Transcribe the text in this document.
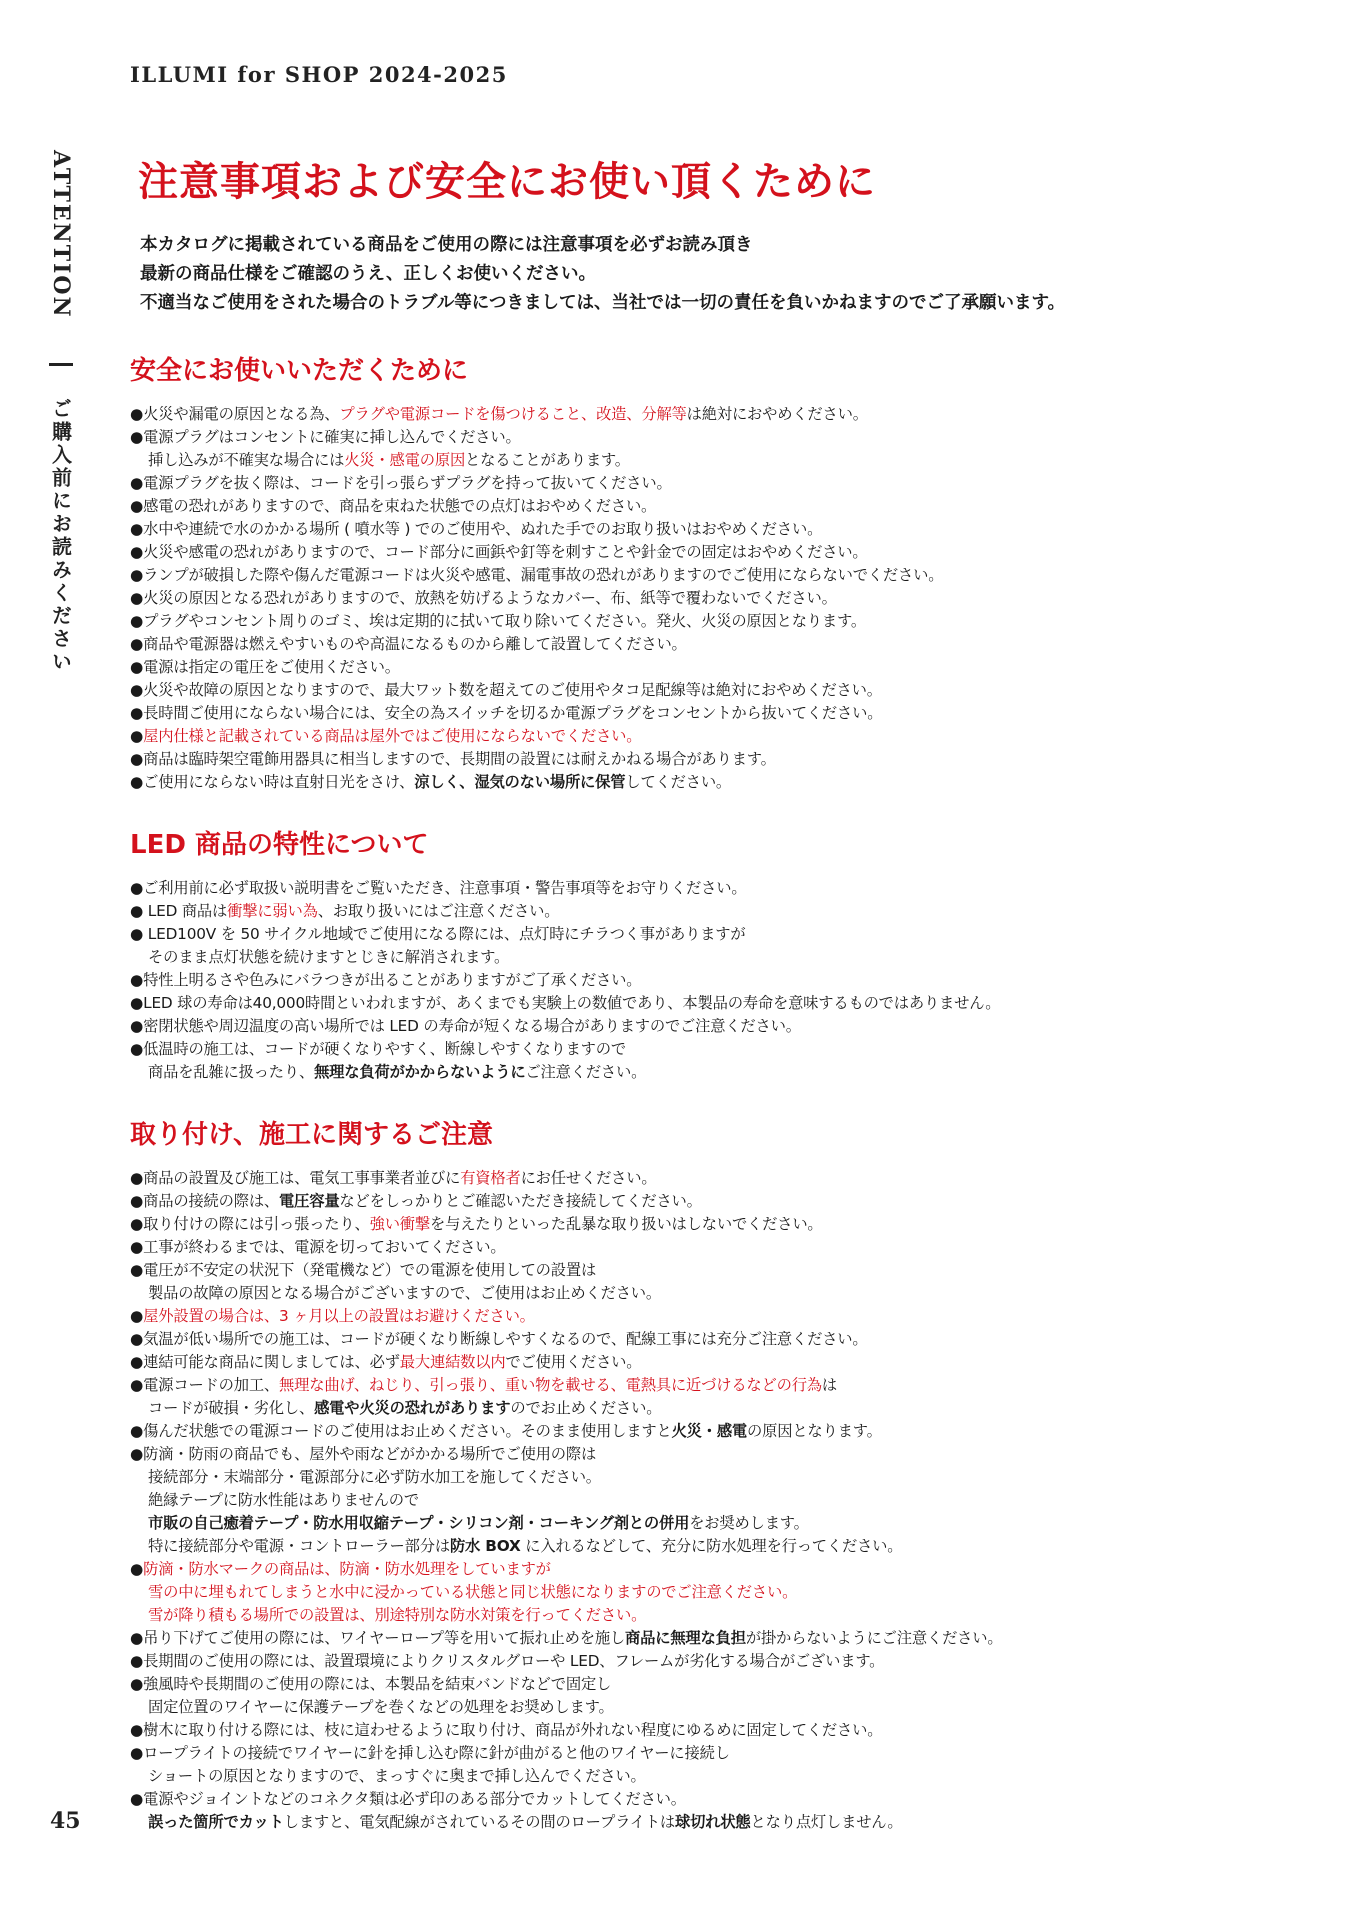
ILLUMI for SHOP 2024-2025
ATTENTION
ご購入前にお読みください
45
注意事項および安全にお使い頂くために
本カタログに掲載されている商品をご使用の際には注意事項を必ずお読み頂き
最新の商品仕様をご確認のうえ、正しくお使いください。
不適当なご使用をされた場合のトラブル等につきましては、当社では一切の責任を負いかねますのでご了承願います。
安全にお使いいただくために
●火災や漏電の原因となる為、プラグや電源コードを傷つけること、改造、分解等は絶対におやめください。
●電源プラグはコンセントに確実に挿し込んでください。
挿し込みが不確実な場合には火災・感電の原因となることがあります。
●電源プラグを抜く際は、コードを引っ張らずプラグを持って抜いてください。
●感電の恐れがありますので、商品を束ねた状態での点灯はおやめください。
●水中や連続で水のかかる場所 ( 噴水等 ) でのご使用や、ぬれた手でのお取り扱いはおやめください。
●火災や感電の恐れがありますので、コード部分に画鋲や釘等を刺すことや針金での固定はおやめください。
●ランプが破損した際や傷んだ電源コードは火災や感電、漏電事故の恐れがありますのでご使用にならないでください。
●火災の原因となる恐れがありますので、放熱を妨げるようなカバー、布、紙等で覆わないでください。
●プラグやコンセント周りのゴミ、埃は定期的に拭いて取り除いてください。発火、火災の原因となります。
●商品や電源器は燃えやすいものや高温になるものから離して設置してください。
●電源は指定の電圧をご使用ください。
●火災や故障の原因となりますので、最大ワット数を超えてのご使用やタコ足配線等は絶対におやめください。
●長時間ご使用にならない場合には、安全の為スイッチを切るか電源プラグをコンセントから抜いてください。
●屋内仕様と記載されている商品は屋外ではご使用にならないでください。
●商品は臨時架空電飾用器具に相当しますので、長期間の設置には耐えかねる場合があります。
●ご使用にならない時は直射日光をさけ、涼しく、湿気のない場所に保管してください。
LED 商品の特性について
●ご利用前に必ず取扱い説明書をご覧いただき、注意事項・警告事項等をお守りください。
● LED 商品は衝撃に弱い為、お取り扱いにはご注意ください。
● LED100V を 50 サイクル地域でご使用になる際には、点灯時にチラつく事がありますが
そのまま点灯状態を続けますとじきに解消されます。
●特性上明るさや色みにバラつきが出ることがありますがご了承ください。
●LED 球の寿命は40,000時間といわれますが、あくまでも実験上の数値であり、本製品の寿命を意味するものではありません。
●密閉状態や周辺温度の高い場所では LED の寿命が短くなる場合がありますのでご注意ください。
●低温時の施工は、コードが硬くなりやすく、断線しやすくなりますので
商品を乱雑に扱ったり、無理な負荷がかからないようにご注意ください。
取り付け、施工に関するご注意
●商品の設置及び施工は、電気工事事業者並びに有資格者にお任せください。
●商品の接続の際は、電圧容量などをしっかりとご確認いただき接続してください。
●取り付けの際には引っ張ったり、強い衝撃を与えたりといった乱暴な取り扱いはしないでください。
●工事が終わるまでは、電源を切っておいてください。
●電圧が不安定の状況下（発電機など）での電源を使用しての設置は
製品の故障の原因となる場合がございますので、ご使用はお止めください。
●屋外設置の場合は、3 ヶ月以上の設置はお避けください。
●気温が低い場所での施工は、コードが硬くなり断線しやすくなるので、配線工事には充分ご注意ください。
●連結可能な商品に関しましては、必ず最大連結数以内でご使用ください。
●電源コードの加工、無理な曲げ、ねじり、引っ張り、重い物を載せる、電熱具に近づけるなどの行為は
コードが破損・劣化し、感電や火災の恐れがありますのでお止めください。
●傷んだ状態での電源コードのご使用はお止めください。そのまま使用しますと火災・感電の原因となります。
●防滴・防雨の商品でも、屋外や雨などがかかる場所でご使用の際は
接続部分・末端部分・電源部分に必ず防水加工を施してください。
絶縁テープに防水性能はありませんので
市販の自己癒着テープ・防水用収縮テープ・シリコン剤・コーキング剤との併用をお奨めします。
特に接続部分や電源・コントローラー部分は防水 BOX に入れるなどして、充分に防水処理を行ってください。
●防滴・防水マークの商品は、防滴・防水処理をしていますが
雪の中に埋もれてしまうと水中に浸かっている状態と同じ状態になりますのでご注意ください。
雪が降り積もる場所での設置は、別途特別な防水対策を行ってください。
●吊り下げてご使用の際には、ワイヤーロープ等を用いて振れ止めを施し商品に無理な負担が掛からないようにご注意ください。
●長期間のご使用の際には、設置環境によりクリスタルグローや LED、フレームが劣化する場合がございます。
●強風時や長期間のご使用の際には、本製品を結束バンドなどで固定し
固定位置のワイヤーに保護テープを巻くなどの処理をお奨めします。
●樹木に取り付ける際には、枝に這わせるように取り付け、商品が外れない程度にゆるめに固定してください。
●ロープライトの接続でワイヤーに針を挿し込む際に針が曲がると他のワイヤーに接続し
ショートの原因となりますので、まっすぐに奥まで挿し込んでください。
●電源やジョイントなどのコネクタ類は必ず印のある部分でカットしてください。
誤った箇所でカットしますと、電気配線がされているその間のロープライトは球切れ状態となり点灯しません。
